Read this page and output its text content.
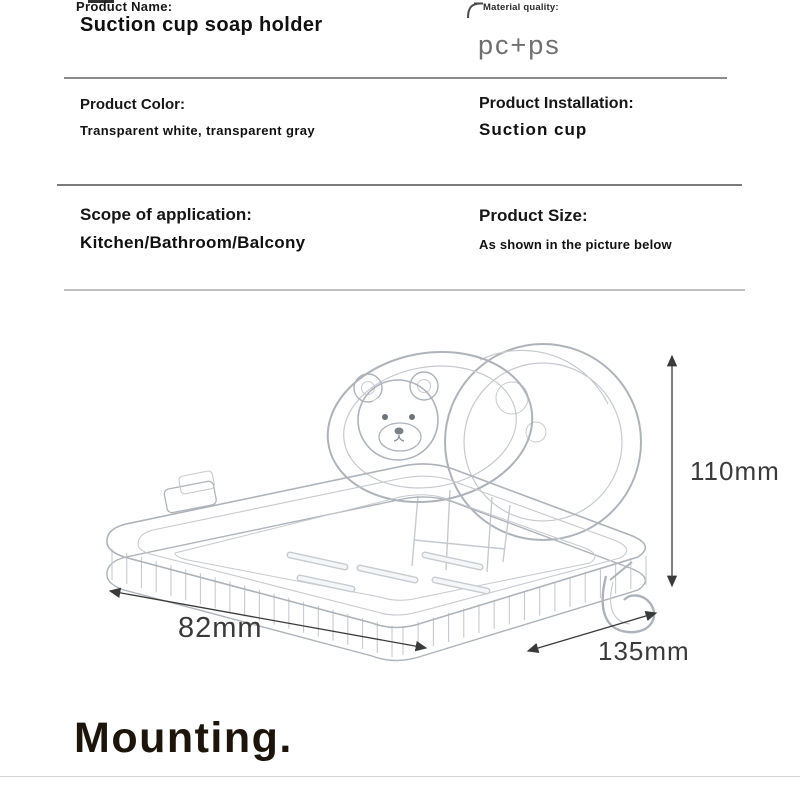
Product Name:
Suction cup soap holder
Material quality:
pc+ps
Product Color:
Transparent white, transparent gray
Product Installation:
Suction cup
Scope of application:
Kitchen/Bathroom/Balcony
Product Size:
As shown in the picture below
110mm
82mm
135mm
Mounting.
